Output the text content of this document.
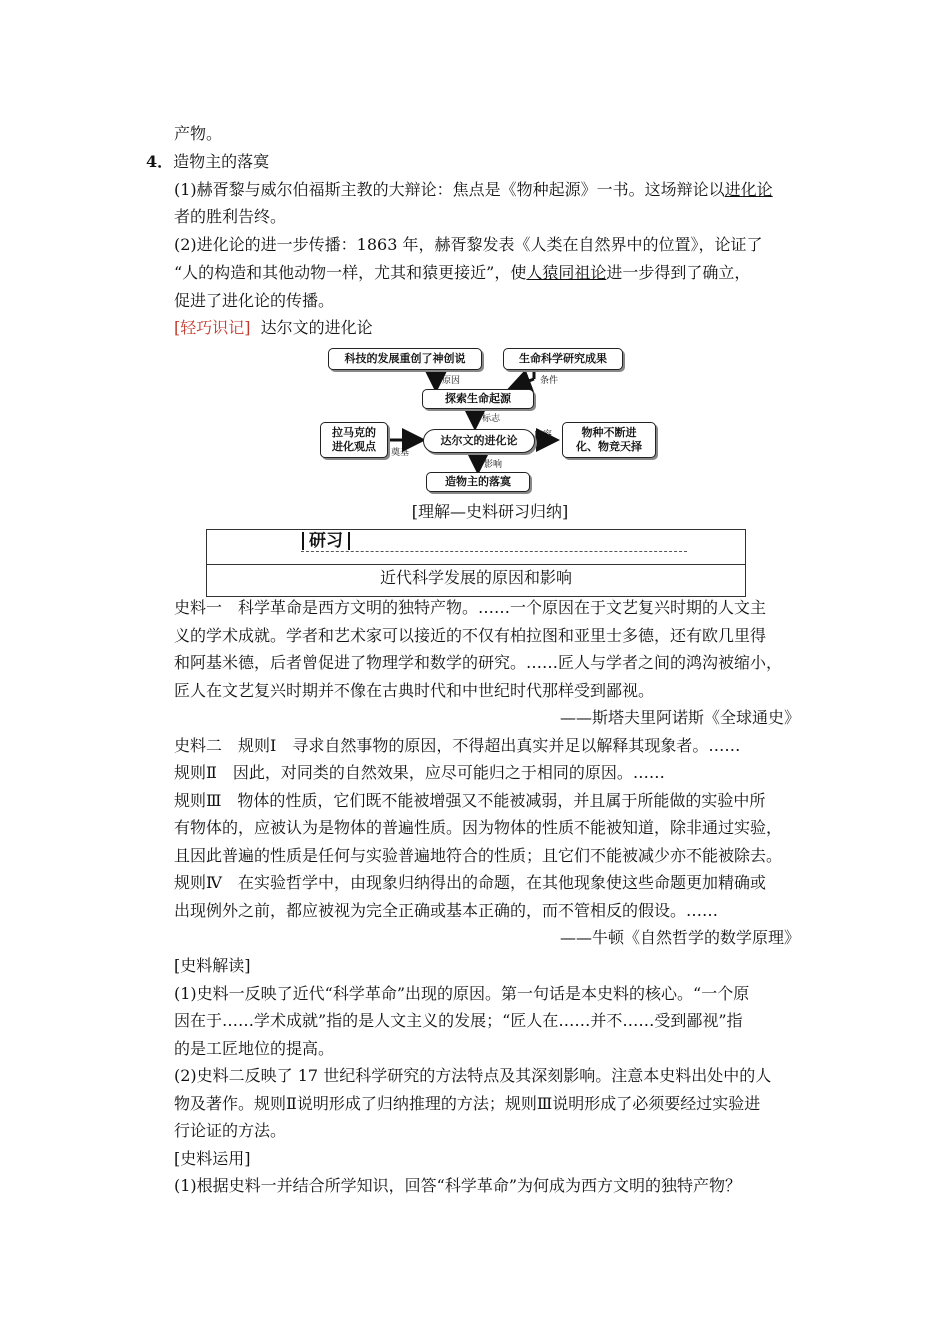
产物。
4．造物主的落寞
(1)赫胥黎与威尔伯福斯主教的大辩论：焦点是《物种起源》一书。这场辩论以进化论
者的胜利告终。
(2)进化论的进一步传播：1863 年，赫胥黎发表《人类在自然界中的位置》，论证了
“人的构造和其他动物一样，尤其和猿更接近”，使人猿同祖论进一步得到了确立，
促进了进化论的传播。
[轻巧识记] 达尔文的进化论
科技的发展重创了神创说	生命科学研究成果
探索生命起源
拉马克的
进化观点	达尔文的进化论
物种不断进
化、物竞天择
造物主的落寞
原因	条件
标志
奠基
内容
影响
[理解—史料研习归纳]
研习
近代科学发展的原因和影响
史料一　科学革命是西方文明的独特产物。……一个原因在于文艺复兴时期的人文主
义的学术成就。学者和艺术家可以接近的不仅有柏拉图和亚里士多德，还有欧几里得
和阿基米德，后者曾促进了物理学和数学的研究。……匠人与学者之间的鸿沟被缩小，
匠人在文艺复兴时期并不像在古典时代和中世纪时代那样受到鄙视。
——斯塔夫里阿诺斯《全球通史》
史料二　规则Ⅰ　寻求自然事物的原因，不得超出真实并足以解释其现象者。……
规则Ⅱ　因此，对同类的自然效果，应尽可能归之于相同的原因。……
规则Ⅲ　物体的性质，它们既不能被增强又不能被减弱，并且属于所能做的实验中所
有物体的，应被认为是物体的普遍性质。因为物体的性质不能被知道，除非通过实验，
且因此普遍的性质是任何与实验普遍地符合的性质；且它们不能被减少亦不能被除去。
规则Ⅳ　在实验哲学中，由现象归纳得出的命题，在其他现象使这些命题更加精确或
出现例外之前，都应被视为完全正确或基本正确的，而不管相反的假设。……
——牛顿《自然哲学的数学原理》
[史料解读]
(1)史料一反映了近代“科学革命”出现的原因。第一句话是本史料的核心。“一个原
因在于……学术成就”指的是人文主义的发展；“匠人在……并不……受到鄙视”指
的是工匠地位的提高。
(2)史料二反映了 17 世纪科学研究的方法特点及其深刻影响。注意本史料出处中的人
物及著作。规则Ⅱ说明形成了归纳推理的方法；规则Ⅲ说明形成了必须要经过实验进
行论证的方法。
[史料运用]
(1)根据史料一并结合所学知识，回答“科学革命”为何成为西方文明的独特产物？
